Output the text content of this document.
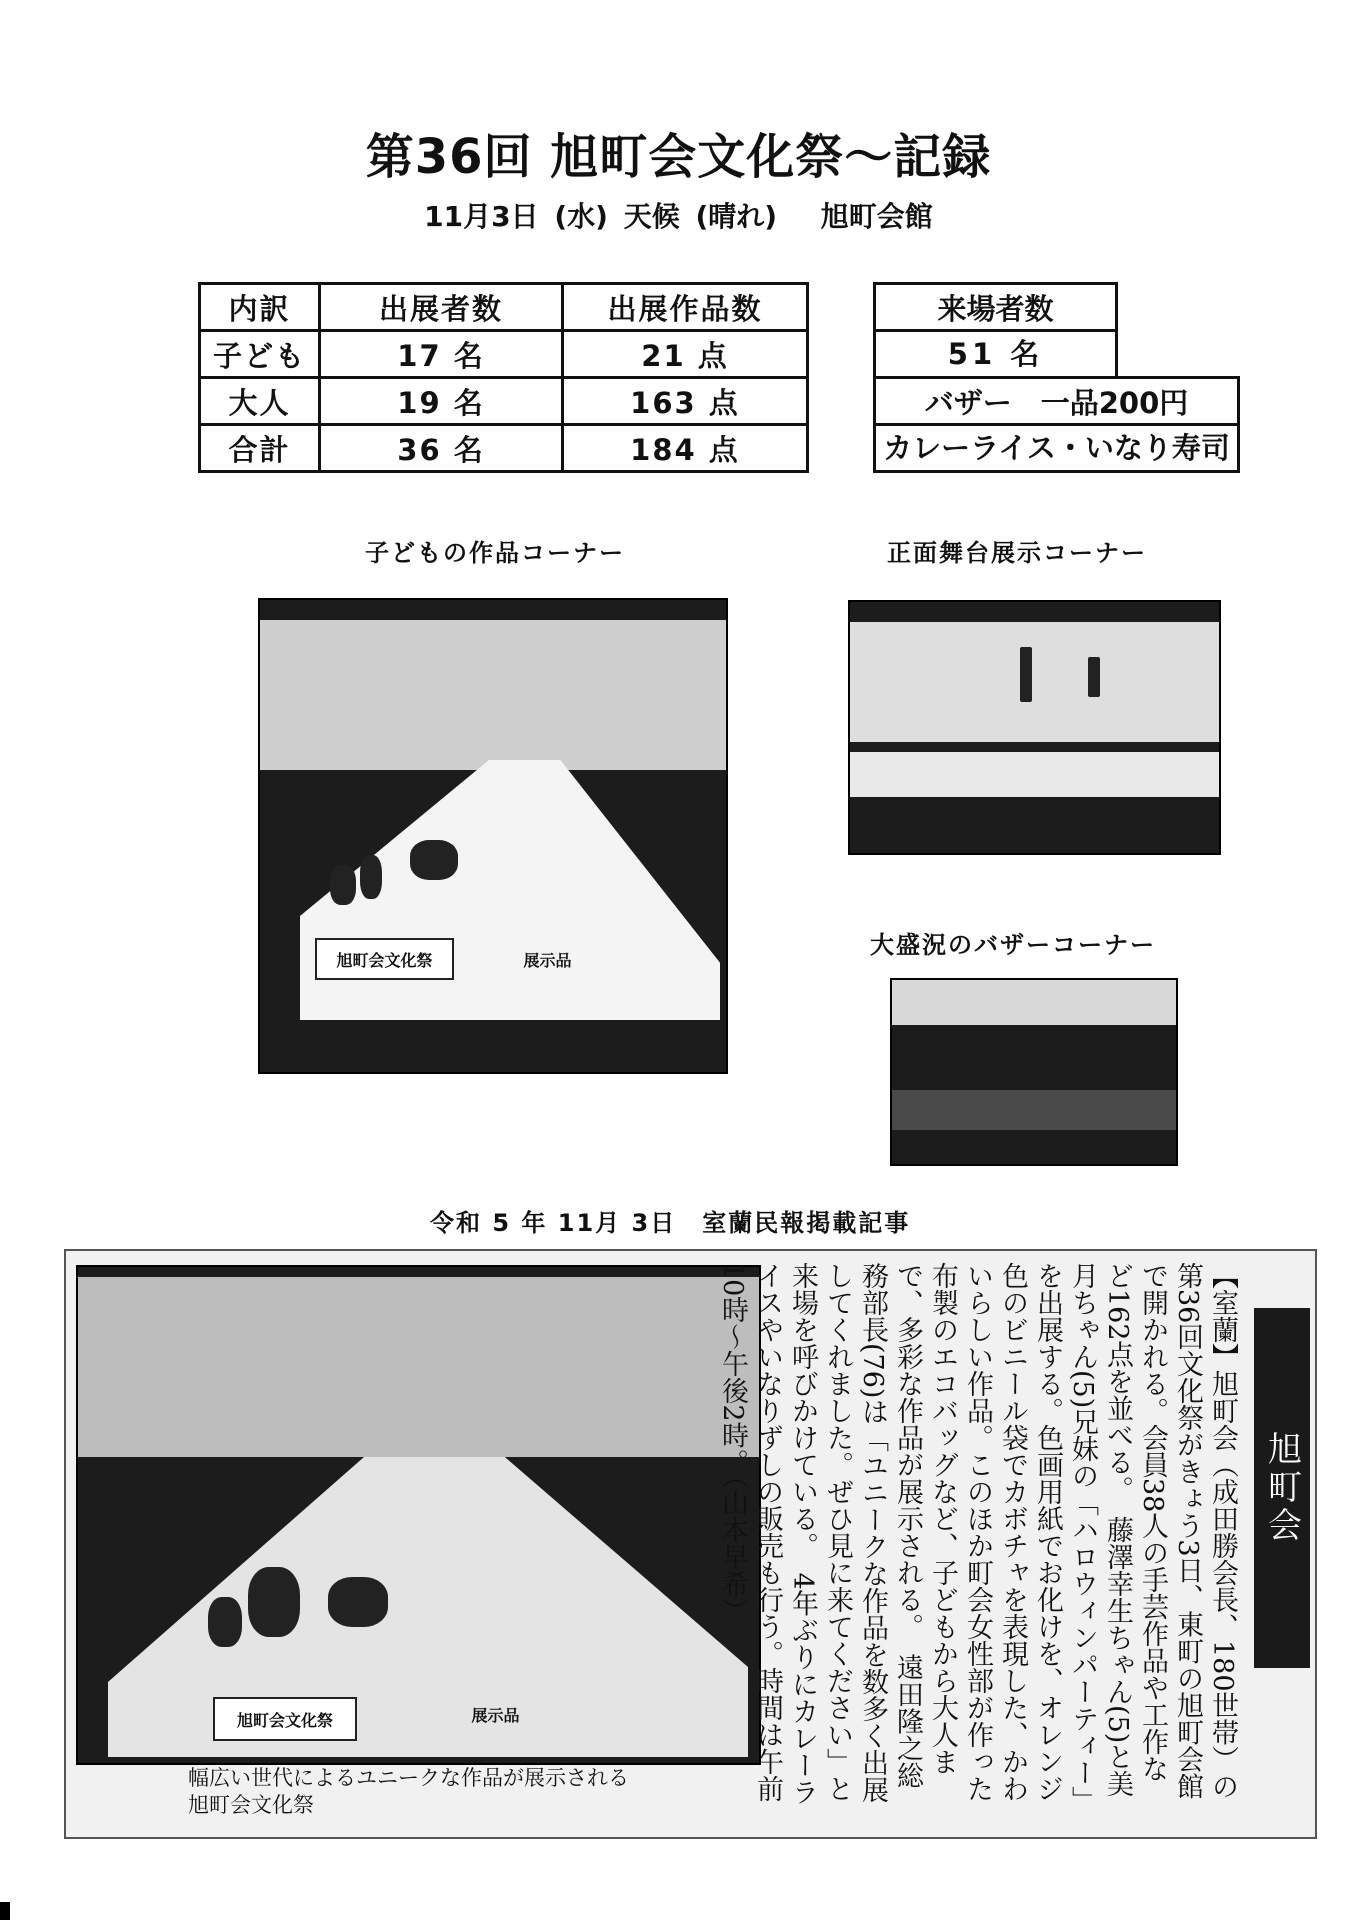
第36回 旭町会文化祭～記録
11月3日 (水) 天候 (晴れ)　 旭町会館
内訳	出展者数	出展作品数
子ども	17 名	21 点
大人	19 名	163 点
合計	36 名	184 点
来場者数
51 名
バザー　一品200円
カレーライス・いなり寿司
子どもの作品コーナー	正面舞台展示コーナー
大盛況のバザーコーナー
旭町会文化祭	展示品
令和 5 年 11月 3日　室蘭民報掲載記事
旭町会文化祭	展示品
幅広い世代によるユニークな作品が展示される
旭町会文化祭
【室蘭】旭町会（成田勝会長、180世帯）の第36回文化祭がきょう3日、東町の旭町会館で開かれる。会員38人の手芸作品や工作など162点を並べる。　藤澤幸生ちゃん(5)と美月ちゃん(5)兄妹の「ハロウィンパーティー」を出展する。色画用紙でお化けを、オレンジ色のビニール袋でカボチャを表現した、かわいらしい作品。このほか町会女性部が作った布製のエコバッグなど、子どもから大人まで、多彩な作品が展示される。　遠田隆之総務部長(76)は「ユニークな作品を数多く出展してくれました。ぜひ見に来てください」と来場を呼びかけている。　4年ぶりにカレーライスやいなりずしの販売も行う。時間は午前10時～午後2時。（山本早希）	旭町会
